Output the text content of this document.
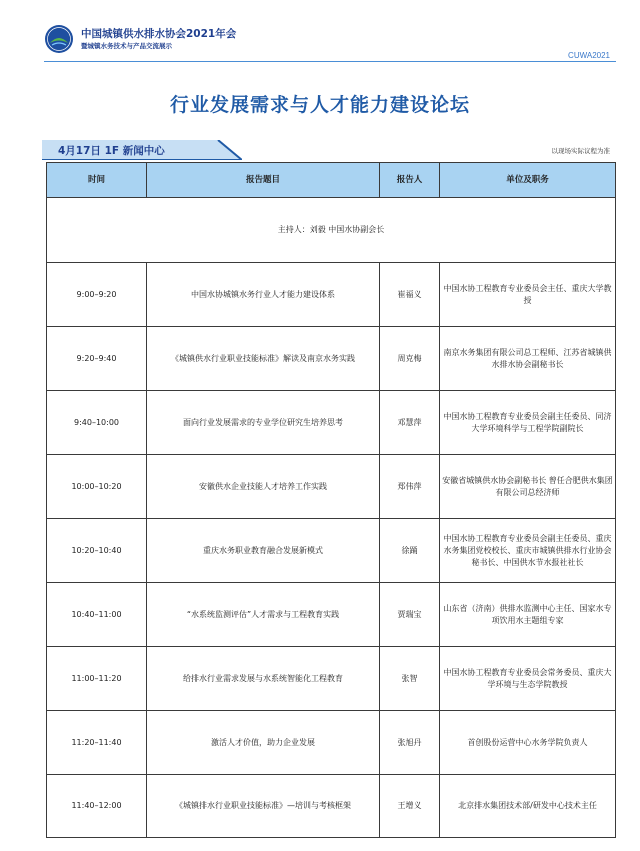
中国城镇供水排水协会2021年会
暨城镇水务技术与产品交流展示
CUWA2021
行业发展需求与人才能力建设论坛
4月17日 1F 新闻中心	以现场实际议程为准
时间	报告题目	报告人	单位及职务
主持人：刘毅 中国水协副会长			
9:00–9:20	中国水协城镇水务行业人才能力建设体系	崔福义	中国水协工程教育专业委员会主任、重庆大学教授
9:20–9:40	《城镇供水行业职业技能标准》解读及南京水务实践	周克梅	南京水务集团有限公司总工程师、江苏省城镇供水排水协会副秘书长
9:40–10:00	面向行业发展需求的专业学位研究生培养思考	邓慧萍	中国水协工程教育专业委员会副主任委员、同济大学环境科学与工程学院副院长
10:00–10:20	安徽供水企业技能人才培养工作实践	郑伟萍	安徽省城镇供水协会副秘书长 曾任合肥供水集团有限公司总经济师
10:20–10:40	重庆水务职业教育融合发展新模式	徐踊	中国水协工程教育专业委员会副主任委员、重庆水务集团党校校长、重庆市城镇供排水行业协会秘书长、中国供水节水报社社长
10:40–11:00	“水系统监测评估”人才需求与工程教育实践	贾瑞宝	山东省（济南）供排水监测中心主任、国家水专项饮用水主题组专家
11:00–11:20	给排水行业需求发展与水系统智能化工程教育	张智	中国水协工程教育专业委员会常务委员、重庆大学环境与生态学院教授
11:20–11:40	激活人才价值，助力企业发展	张旭丹	首创股份运营中心水务学院负责人
11:40–12:00	《城镇排水行业职业技能标准》—培训与考核框架	王增义	北京排水集团技术部/研发中心技术主任
